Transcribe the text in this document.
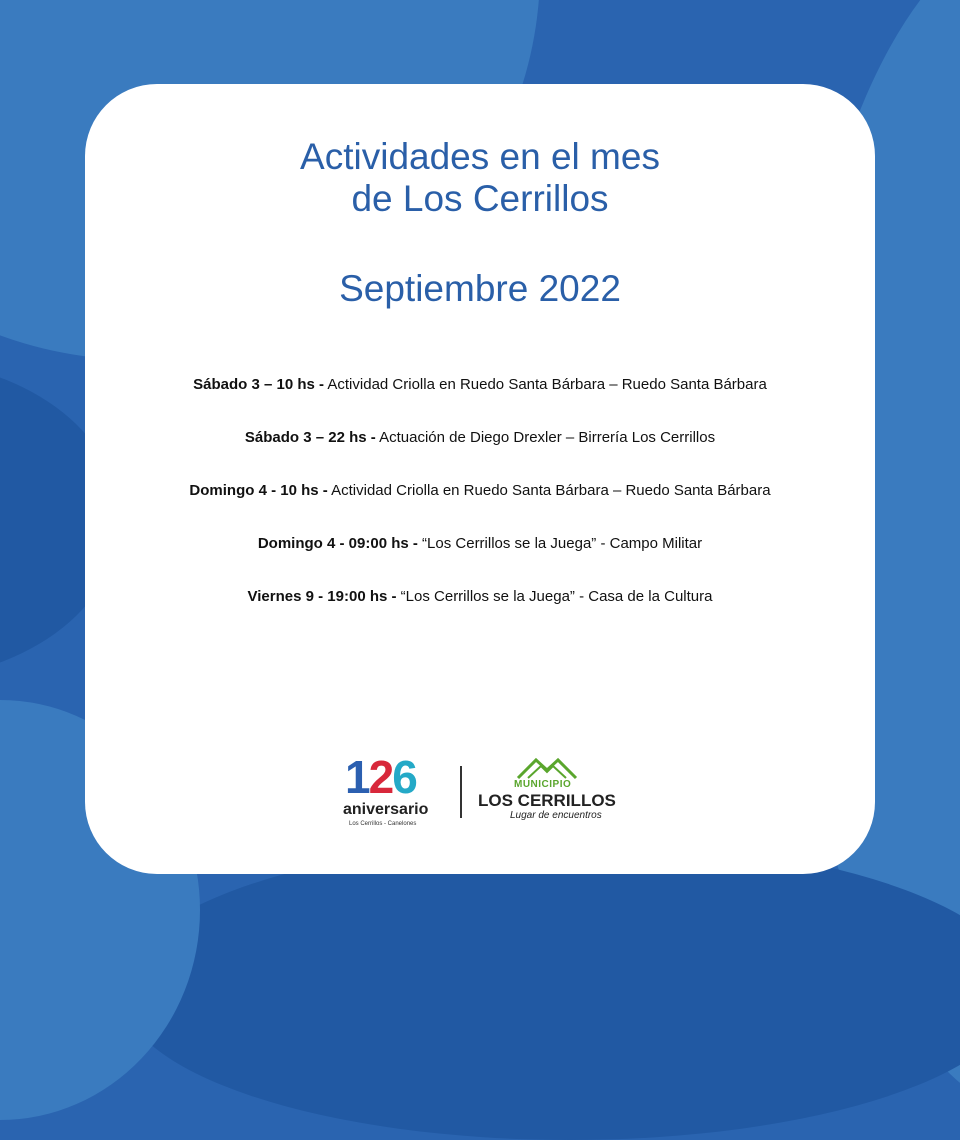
Actividades en el mes
de Los Cerrillos
Septiembre 2022
Sábado 3 – 10 hs - Actividad Criolla en Ruedo Santa Bárbara – Ruedo Santa Bárbara
Sábado 3 – 22 hs - Actuación de Diego Drexler – Birrería Los Cerrillos
Domingo 4 - 10 hs - Actividad Criolla en Ruedo Santa Bárbara – Ruedo Santa Bárbara
Domingo 4 - 09:00 hs - “Los Cerrillos se la Juega” - Campo Militar
Viernes 9 - 19:00 hs - “Los Cerrillos se la Juega” - Casa de la Cultura
126
aniversario
Los Cerrillos - Canelones
MUNICIPIO
LOS CERRILLOS
Lugar de encuentros
